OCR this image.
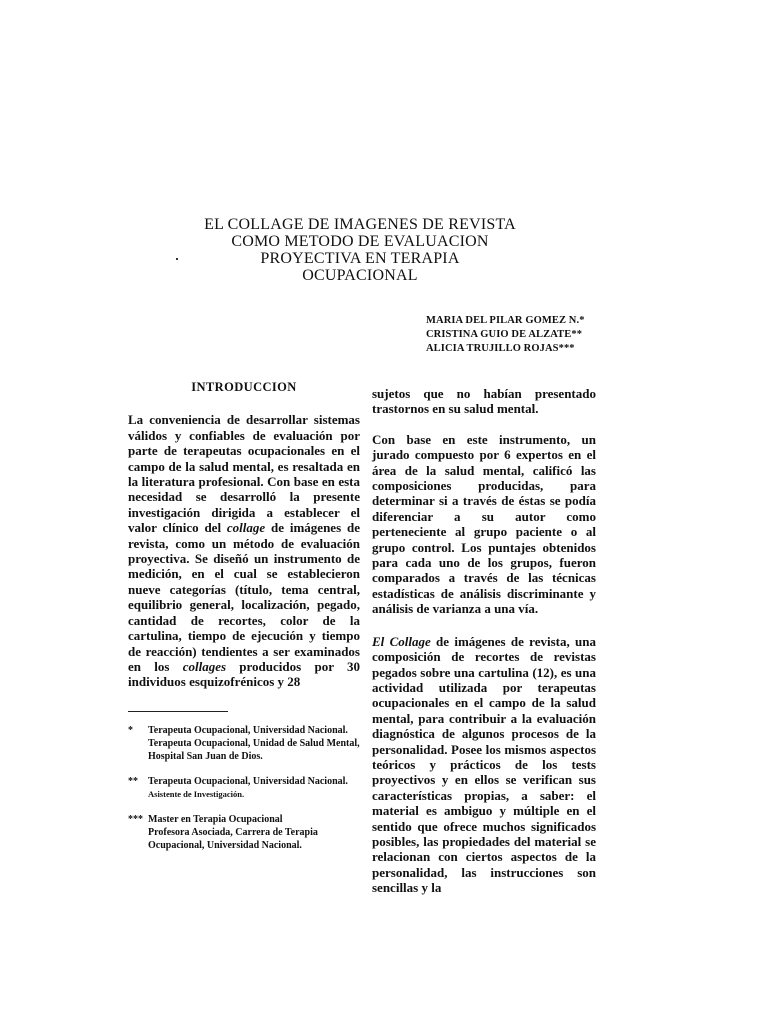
EL COLLAGE DE IMAGENES DE REVISTA
COMO METODO DE EVALUACION
PROYECTIVA EN TERAPIA
OCUPACIONAL
MARIA DEL PILAR GOMEZ N.*
CRISTINA GUIO DE ALZATE**
ALICIA TRUJILLO ROJAS***
INTRODUCCION

La conveniencia de desarrollar sistemas válidos y confiables de evaluación por parte de terapeutas ocupacionales en el campo de la salud mental, es resaltada en la literatura profesional. Con base en esta necesidad se desarrolló la presente investigación dirigida a establecer el valor clínico del collage de imágenes de revista, como un método de evaluación proyectiva. Se diseñó un instrumento de medición, en el cual se establecieron nueve categorías (título, tema central, equilibrio general, localización, pegado, cantidad de recortes, color de la cartulina, tiempo de ejecución y tiempo de reacción) tendientes a ser examinados en los collages producidos por 30 individuos esquizofrénicos y 28

* Terapeuta Ocupacional, Universidad Nacional.
Terapeuta Ocupacional, Unidad de Salud Mental, Hospital San Juan de Dios.
** Terapeuta Ocupacional, Universidad Nacional.
Asistente de Investigación.
*** Master en Terapia Ocupacional
Profesora Asociada, Carrera de Terapia Ocupacional, Universidad Nacional.

sujetos que no habían presentado trastornos en su salud mental.

Con base en este instrumento, un jurado compuesto por 6 expertos en el área de la salud mental, calificó las composiciones producidas, para determinar si a través de éstas se podía diferenciar a su autor como perteneciente al grupo paciente o al grupo control. Los puntajes obtenidos para cada uno de los grupos, fueron comparados a través de las técnicas estadísticas de análisis discriminante y análisis de varianza a una vía.

El Collage de imágenes de revista, una composición de recortes de revistas pegados sobre una cartulina (12), es una actividad utilizada por terapeutas ocupacionales en el campo de la salud mental, para contribuir a la evaluación diagnóstica de algunos procesos de la personalidad. Posee los mismos aspectos teóricos y prácticos de los tests proyectivos y en ellos se verifican sus características propias, a saber: el material es ambiguo y múltiple en el sentido que ofrece muchos significados posibles, las propiedades del material se relacionan con ciertos aspectos de la personalidad, las instrucciones son sencillas y la
